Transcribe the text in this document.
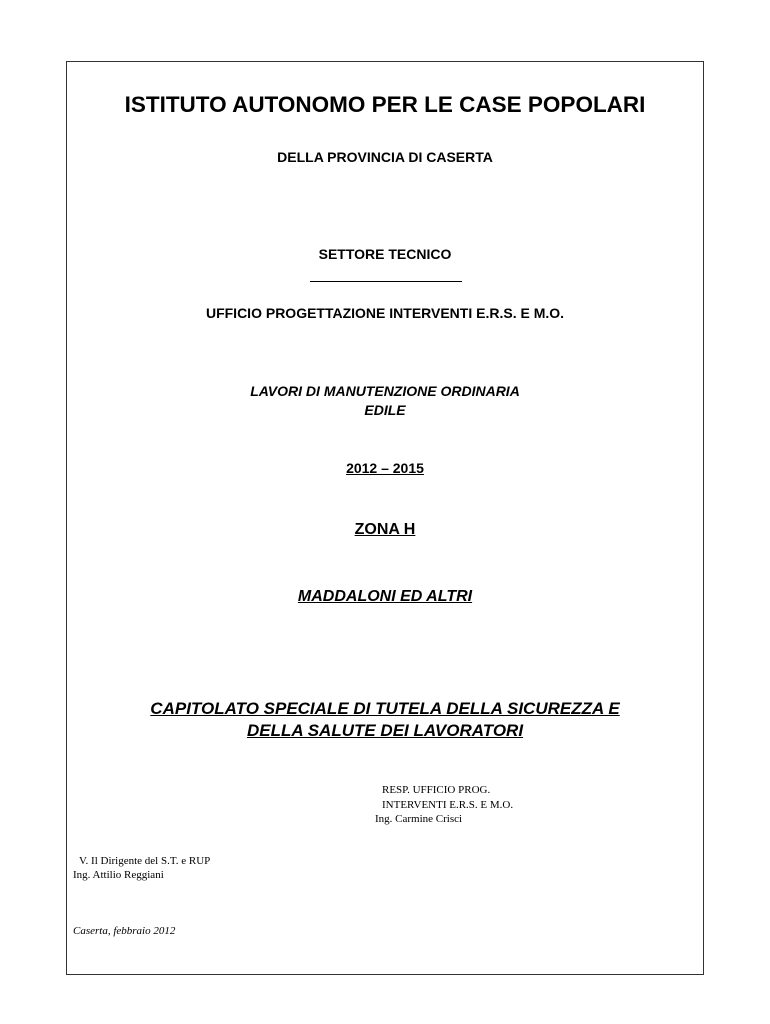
ISTITUTO AUTONOMO PER LE CASE POPOLARI
DELLA PROVINCIA DI CASERTA
SETTORE TECNICO
UFFICIO PROGETTAZIONE INTERVENTI E.R.S. E M.O.
LAVORI DI MANUTENZIONE ORDINARIA
EDILE
2012 – 2015
ZONA H
MADDALONI ED ALTRI
CAPITOLATO SPECIALE DI TUTELA DELLA SICUREZZA E
DELLA SALUTE DEI LAVORATORI
RESP. UFFICIO PROG.
INTERVENTI E.R.S. E M.O.
Ing. Carmine Crisci
V. Il Dirigente del S.T. e RUP
Ing. Attilio Reggiani
Caserta, febbraio 2012
